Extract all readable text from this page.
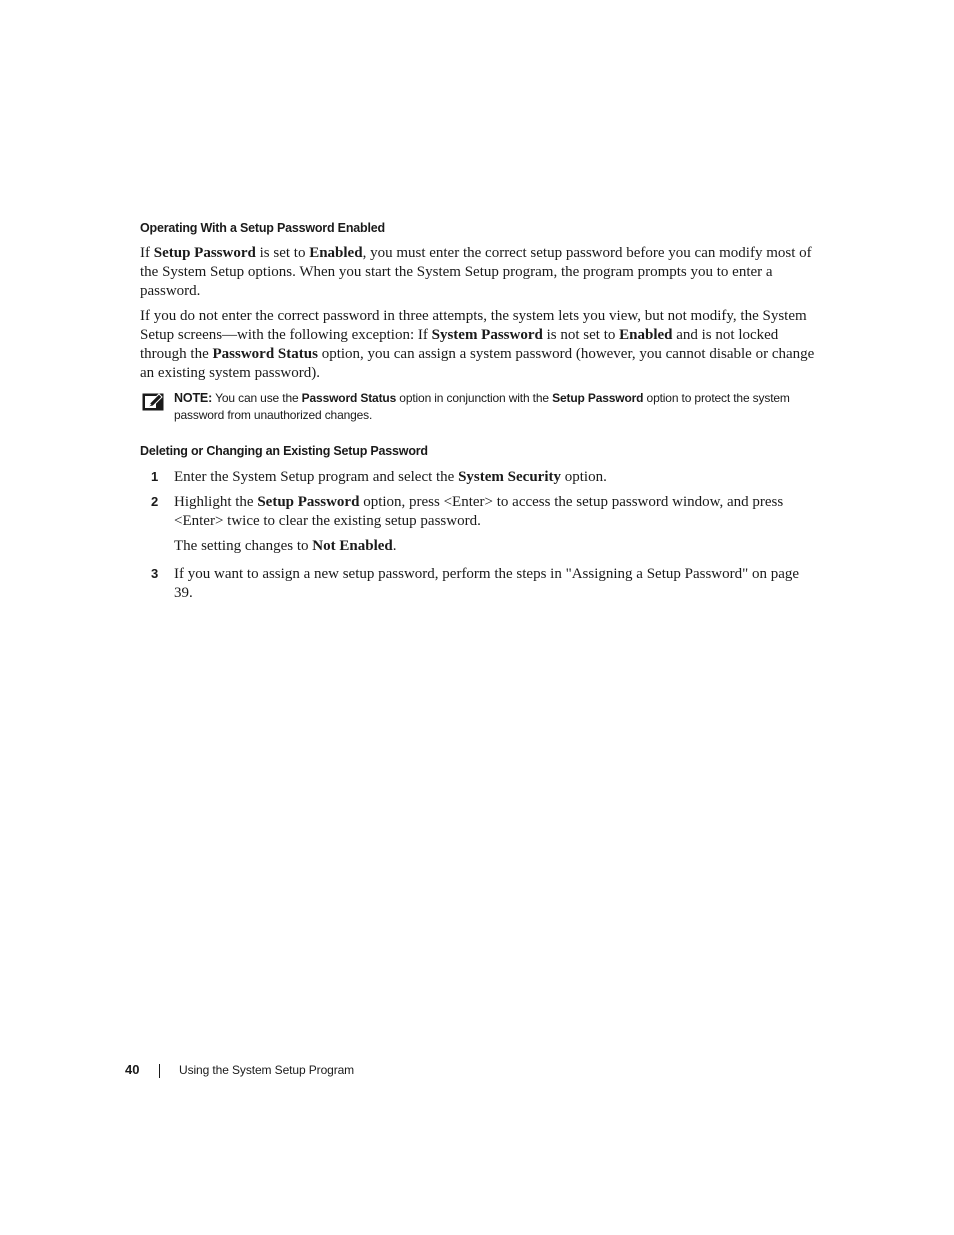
Operating With a Setup Password Enabled

If Setup Password is set to Enabled, you must enter the correct setup password before you can modify most of the System Setup options. When you start the System Setup program, the program prompts you to enter a password.

If you do not enter the correct password in three attempts, the system lets you view, but not modify, the System Setup screens—with the following exception: If System Password is not set to Enabled and is not locked through the Password Status option, you can assign a system password (however, you cannot disable or change an existing system password).

NOTE: You can use the Password Status option in conjunction with the Setup Password option to protect the system password from unauthorized changes.
Deleting or Changing an Existing Setup Password
1 Enter the System Setup program and select the System Security option.

2 Highlight the Setup Password option, press <Enter> to access the setup password window, and press <Enter> twice to clear the existing setup password.

The setting changes to Not Enabled.

3 If you want to assign a new setup password, perform the steps in "Assigning a Setup Password" on page 39.

40	Using the System Setup Program
